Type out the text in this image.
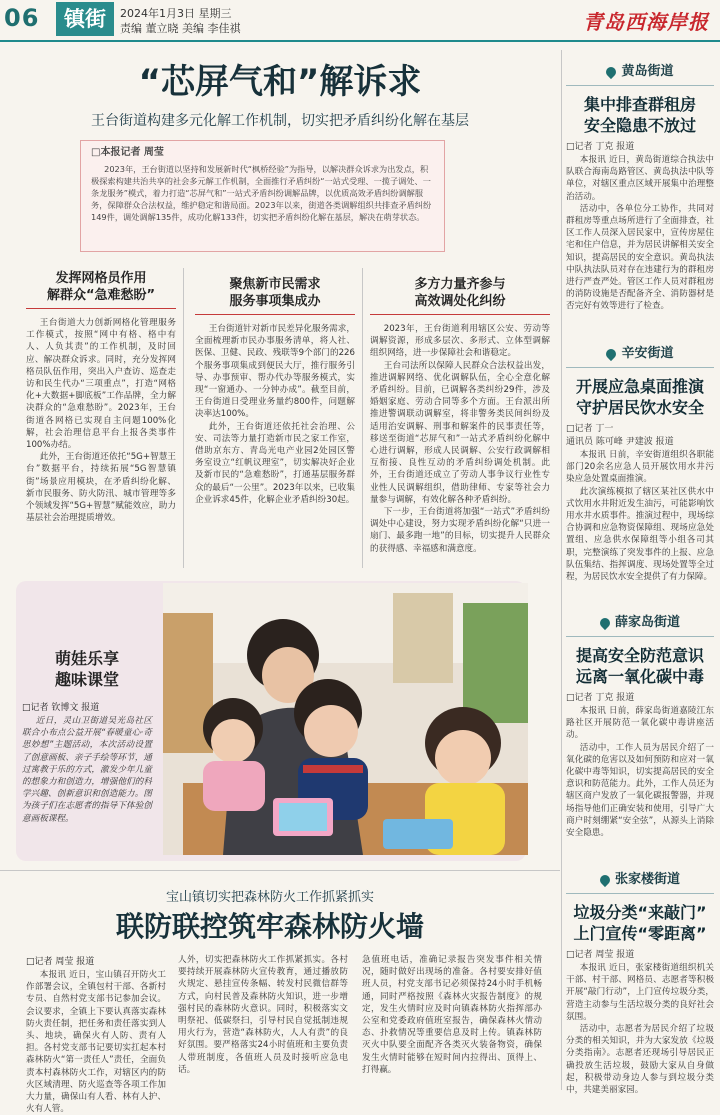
06	镇街	2024年1月3日 星期三
责编 董立晓 美编 李佳祺	青岛西海岸报
“芯屏气和”解诉求
王台街道构建多元化解工作机制，切实把矛盾纠纷化解在基层
□本报记者 周莹
2023年，王台街道以坚持和发展新时代“枫桥经验”为指导，以解决群众诉求为出发点，积极探索构建共治共享的社会多元解工作机制，全面推行矛盾纠纷“一站式受理、一揽子调处、一条龙服务”模式，着力打造“芯屏气和”一站式矛盾纠纷调解品牌，以优质高效矛盾纠纷调解服务，保障群众合法权益，维护稳定和谐局面。2023年以来，街道各类调解组织共排查矛盾纠纷149件，调处调解135件，成功化解133件，切实把矛盾纠纷化解在基层，解决在萌芽状态。
发挥网格员作用
解群众“急难愁盼”

王台街道大力创新网格化管理服务工作模式，按照“网中有格、格中有人、人负其责”的工作机制，及时回应、解决群众诉求。同时，充分发挥网格员队伍作用，突出入户查访、巡查走访和民生代办“三项重点”，打造“网格化+大数据+脚底板”工作品牌，全力解决群众的“急难愁盼”。2023年，王台街道各网格已实现自主问题100%化解，社会治理信息平台上报各类事件100%办结。

此外，王台街道还依托“5G+智慧王台”数据平台，持续拓展“5G智慧镇街”场景应用模块，在矛盾纠纷化解、新市民服务、防火防汛、城市管理等多个领域发挥“5G+智慧”赋能效应，助力基层社会治理提质增效。

聚焦新市民需求
服务事项集成办

王台街道针对新市民差异化服务需求，全面梳理新市民办事服务清单，将人社、医保、卫健、民政、残联等9个部门的226个服务事项集成到便民大厅，推行服务引导、办事预审、帮办代办等服务模式，实现“一窗通办、一分钟办成”。截至目前，王台街道日受理业务量约800件，问题解决率达100%。

此外，王台街道还依托社会治理、公安、司法等力量打造新市民之家工作室，借助京东方、青岛光电产业园2处园区警务室设立“红帆议理室”，切实解决好企业及新市民的“急难愁盼”，打通基层服务群众的最后“一公里”。2023年以来，已收集企业诉求45件，化解企业矛盾纠纷30起。

多方力量齐参与
高效调处化纠纷

2023年，王台街道利用辖区公安、劳动等调解资源，形成多层次、多形式、立体型调解组织网络，进一步保障社会和谐稳定。

王台司法所以保障人民群众合法权益出发，推进调解网络、优化调解队伍，全心全意化解矛盾纠纷。目前，已调解各类纠纷29件，涉及婚姻家庭、劳动合同等多个方面。王台派出所推进警调联动调解室，将非警务类民间纠纷及适用治安调解、刑事和解案件的民事责任等，移送至街道“芯屏气和”一站式矛盾纠纷化解中心进行调解，形成人民调解、公安行政调解相互衔接、良性互动的矛盾纠纷调处机制。此外，王台街道还成立了劳动人事争议行业性专业性人民调解组织，借助律师、专家等社会力量参与调解，有效化解各种矛盾纠纷。

下一步，王台街道将加强“一站式”矛盾纠纷调处中心建设，努力实现矛盾纠纷化解“只进一扇门、最多跑一地”的目标，切实提升人民群众的获得感、幸福感和满意度。

萌娃乐享
趣味课堂
□记者 钦博文 报道

近日，灵山卫街道吴光岛社区联合小布点公益开展“春暖童心·奇思妙想”主题活动，本次活动设置了创意画板、亲子手绘等环节，通过寓教于乐的方式，激发少年儿童的想象力和创造力，增强他们的科学兴趣、创新意识和创造能力。图为孩子们在志愿者的指导下体验创意画板课程。

宝山镇切实把森林防火工作抓紧抓实
联防联控筑牢森林防火墙
□记者 周莹 报道

本报讯 近日，宝山镇召开防火工作部署会议，全镇包村干部、各新村专员、自然村党支部书记参加会议。会议要求，全镇上下要认真落实森林防火责任制，把任务和责任落实到人头、地块，确保火有人防、责有人担。各村党支部书记要切实扛起本村森林防火“第一责任人”责任，全面负责本村森林防火工作，对辖区内的防火区域清理、防火巡查等各项工作加大力量，确保山有人看、林有人护、火有人管。

人外，切实把森林防火工作抓紧抓实。各村要持续开展森林防火宣传教育，通过播放防火规定、悬挂宣传条幅、转发村民微信群等方式，向村民普及森林防火知识，进一步增强村民的森林防火意识。同时，积极落实文明祭祀、低碳祭扫，引导村民自觉抵制违规用火行为，营造“森林防火，人人有责”的良好氛围。要严格落实24小时值班和主要负责人带班制度，各值班人员及时接听应急电话。

急值班电话，准确记录报告突发事件相关情况，随时做好出现场的准备。各村要安排好值班人员，村党支部书记必须保持24小时手机畅通，同时严格按照《森林火灾报告制度》的规定，发生火情时应及时向镇森林防火指挥部办公室和党委政府值班室报告，确保森林火情动态、扑救情况等重要信息及时上传。镇森林防灭火中队要全面配齐各类灭火装备物资，确保发生火情时能够在短时间内拉得出、顶得上、打得赢。

黄岛街道
集中排查群租房
安全隐患不放过
□记者 丁克 报道

本报讯 近日，黄岛街道综合执法中队联合海南岛路管区、黄岛执法中队等单位，对辖区重点区域开展集中治理整治活动。

活动中，各单位分工协作，共同对群租房等重点场所进行了全面排查，社区工作人员深入居民家中，宣传房屋住宅和住户信息，并为居民讲解相关安全知识，提高居民的安全意识。黄岛执法中队执法队员对存在违建行为的群租房进行严查严处。管区工作人员对群租房的消防设施是否配备齐全、消防器材是否完好有效等进行了检查。

辛安街道
开展应急桌面推演
守护居民饮水安全
□记者 丁一
通讯员 陈可峰 尹建波 报道

本报讯 日前，辛安街道组织各职能部门20余名应急人员开展饮用水井污染应急处置桌面推演。

此次演练模拟了辖区某社区供水中式饮用水井附近发生油污，可能影响饮用水井水质事件。推演过程中，现场综合协调和应急物资保障组、现场应急处置组、应急供水保障组等小组各司其职，完整演练了突发事件的上报、应急队伍集结、指挥调度、现场处置等全过程，为居民饮水安全提供了有力保障。

薛家岛街道
提高安全防范意识
远离一氧化碳中毒
□记者 丁克 报道

本报讯 日前，薛家岛街道嘉陵江东路社区开展防范一氧化碳中毒讲座活动。

活动中，工作人员为居民介绍了一氧化碳的危害以及如何预防和应对一氧化碳中毒等知识，切实提高居民的安全意识和防范能力。此外，工作人员还为辖区商户发放了一氧化碳报警器，并现场指导他们正确安装和使用，引导广大商户时刻绷紧“安全弦”，从源头上消除安全隐患。

张家楼街道
垃圾分类“来敲门”
上门宣传“零距离”
□记者 周莹 报道

本报讯 近日，张家楼街道组织机关干部、村干部、网格员、志愿者等积极开展“敲门行动”，上门宣传垃圾分类，营造主动参与生活垃圾分类的良好社会氛围。

活动中，志愿者为居民介绍了垃圾分类的相关知识，并为大家发放《垃圾分类指南》。志愿者还现场引导居民正确投放生活垃圾，鼓励大家从自身做起，积极带动身边人参与到垃圾分类中，共建美丽家园。
